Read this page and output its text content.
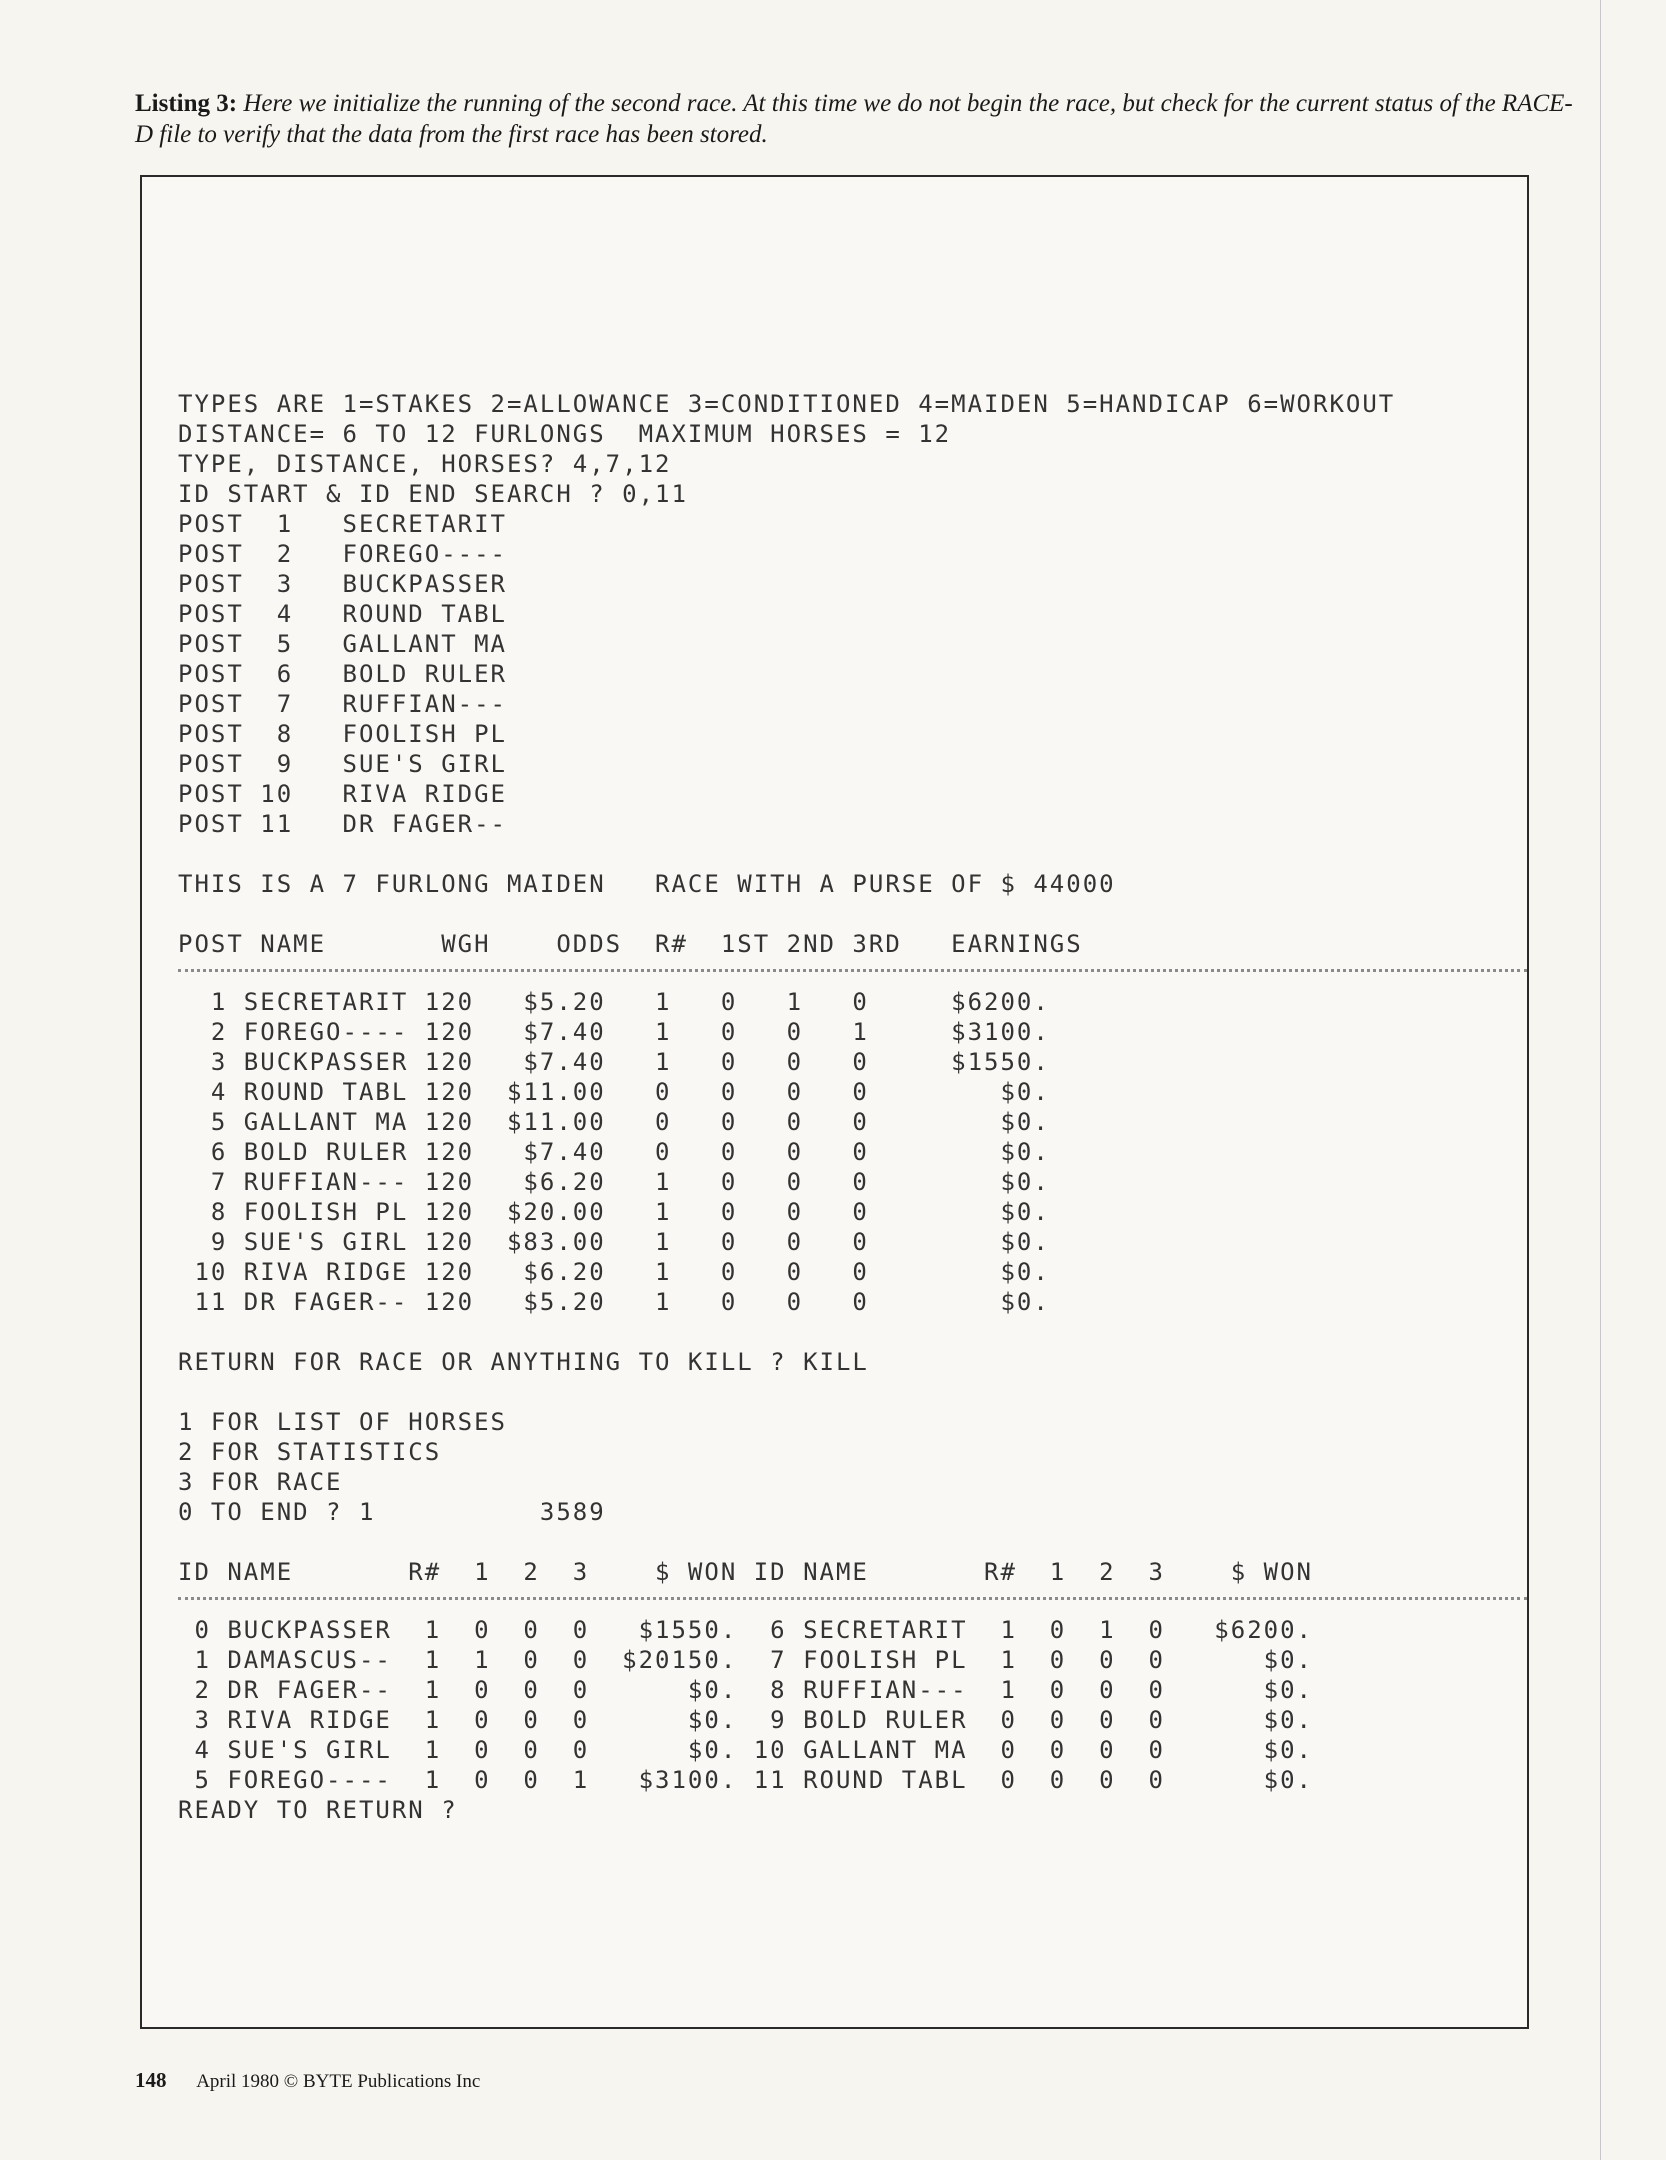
Listing 3: Here we initialize the running of the second race. At this time we do not begin the race, but check for the current status of the RACE-D file to verify that the data from the first race has been stored.
TYPES ARE 1=STAKES 2=ALLOWANCE 3=CONDITIONED 4=MAIDEN 5=HANDICAP 6=WORKOUT
DISTANCE= 6 TO 12 FURLONGS  MAXIMUM HORSES = 12
TYPE, DISTANCE, HORSES? 4,7,12
ID START & ID END SEARCH ? 0,11
POST  1   SECRETARIT
POST  2   FOREGO----
POST  3   BUCKPASSER
POST  4   ROUND TABL
POST  5   GALLANT MA
POST  6   BOLD RULER
POST  7   RUFFIAN---
POST  8   FOOLISH PL
POST  9   SUE'S GIRL
POST 10   RIVA RIDGE
POST 11   DR FAGER--
THIS IS A 7 FURLONG MAIDEN   RACE WITH A PURSE OF $ 44000
POST NAME       WGH    ODDS  R#  1ST 2ND 3RD   EARNINGS
1 SECRETARIT 120   $5.20   1   0   1   0     $6200.
2 FOREGO---- 120   $7.40   1   0   0   1     $3100.
3 BUCKPASSER 120   $7.40   1   0   0   0     $1550.
4 ROUND TABL 120  $11.00   0   0   0   0        $0.
5 GALLANT MA 120  $11.00   0   0   0   0        $0.
6 BOLD RULER 120   $7.40   0   0   0   0        $0.
7 RUFFIAN--- 120   $6.20   1   0   0   0        $0.
8 FOOLISH PL 120  $20.00   1   0   0   0        $0.
9 SUE'S GIRL 120  $83.00   1   0   0   0        $0.
10 RIVA RIDGE 120   $6.20   1   0   0   0        $0.
11 DR FAGER-- 120   $5.20   1   0   0   0        $0.
RETURN FOR RACE OR ANYTHING TO KILL ? KILL
1 FOR LIST OF HORSES
2 FOR STATISTICS
3 FOR RACE
0 TO END ? 1          3589
ID NAME       R#  1  2  3    $ WON ID NAME       R#  1  2  3    $ WON
0 BUCKPASSER  1  0  0  0   $1550.  6 SECRETARIT  1  0  1  0   $6200.
1 DAMASCUS--  1  1  0  0  $20150.  7 FOOLISH PL  1  0  0  0      $0.
2 DR FAGER--  1  0  0  0      $0.  8 RUFFIAN---  1  0  0  0      $0.
3 RIVA RIDGE  1  0  0  0      $0.  9 BOLD RULER  0  0  0  0      $0.
4 SUE'S GIRL  1  0  0  0      $0. 10 GALLANT MA  0  0  0  0      $0.
5 FOREGO----  1  0  0  1   $3100. 11 ROUND TABL  0  0  0  0      $0.
READY TO RETURN ?
148 April 1980 © BYTE Publications Inc
